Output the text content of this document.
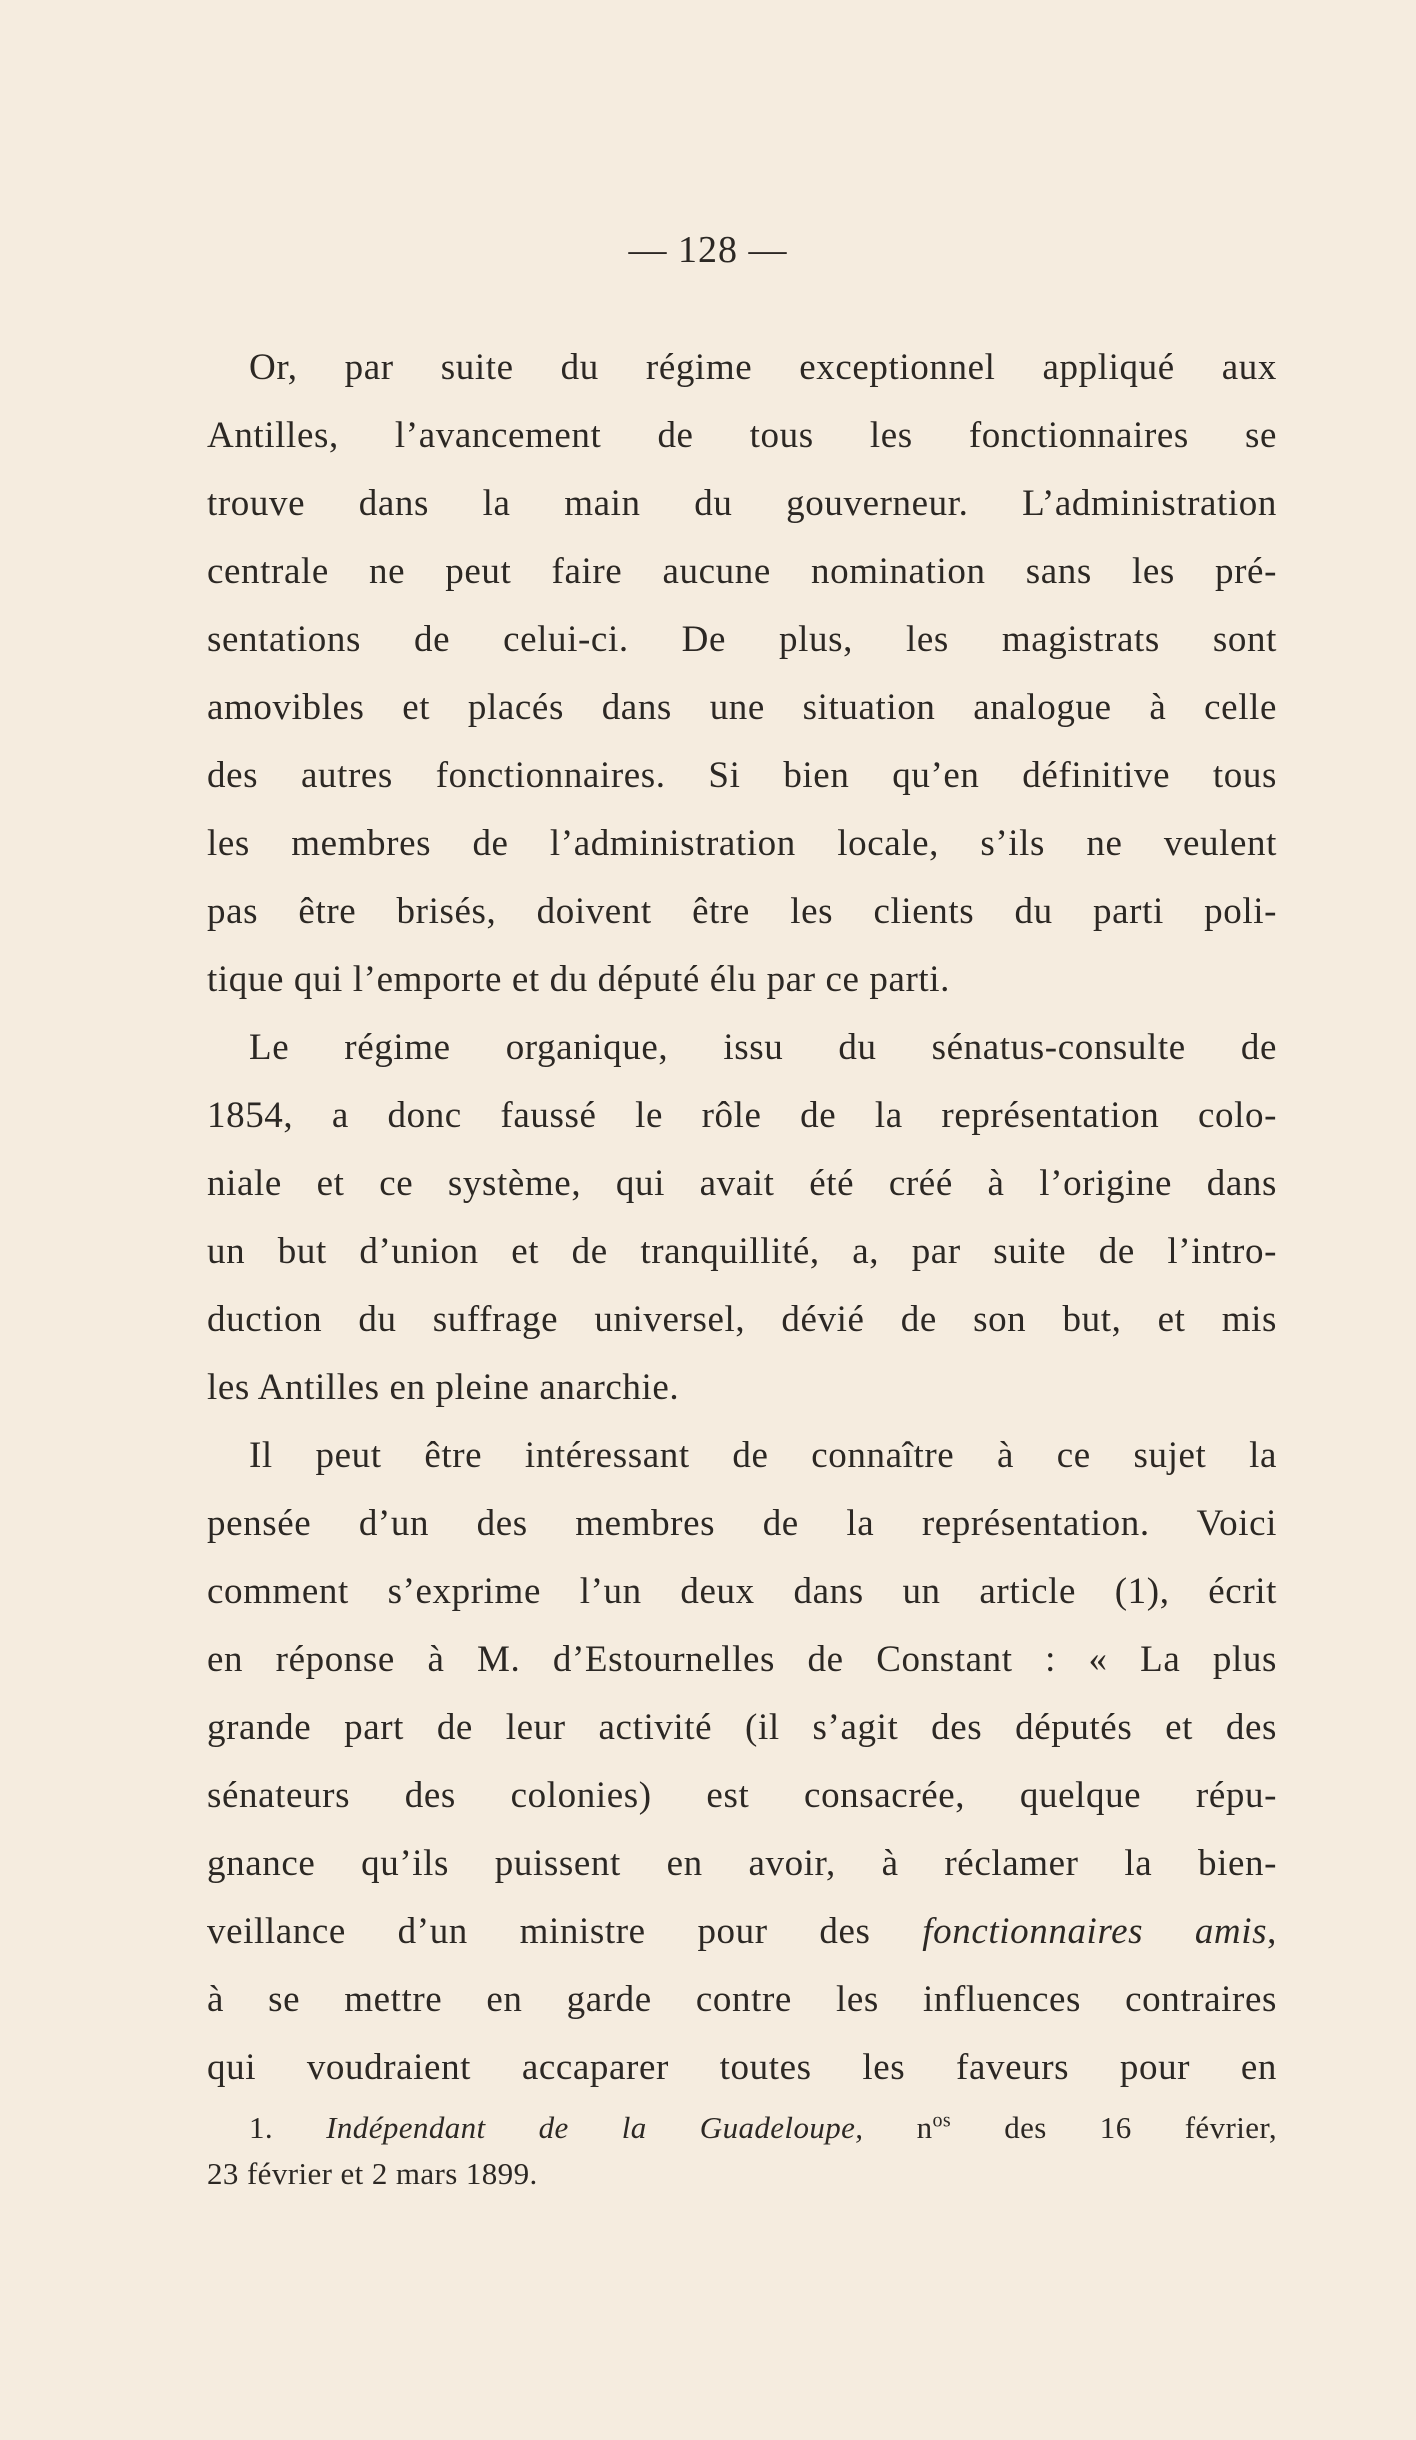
— 128 —
Or, par suite du régime exceptionnel appliqué aux
Antilles, l’avancement de tous les fonctionnaires se
trouve dans la main du gouverneur. L’administration
centrale ne peut faire aucune nomination sans les pré-
sentations de celui-ci. De plus, les magistrats sont
amovibles et placés dans une situation analogue à celle
des autres fonctionnaires. Si bien qu’en définitive tous
les membres de l’administration locale, s’ils ne veulent
pas être brisés, doivent être les clients du parti poli-
tique qui l’emporte et du député élu par ce parti.
Le régime organique, issu du sénatus-consulte de
1854, a donc faussé le rôle de la représentation colo-
niale et ce système, qui avait été créé à l’origine dans
un but d’union et de tranquillité, a, par suite de l’intro-
duction du suffrage universel, dévié de son but, et mis
les Antilles en pleine anarchie.
Il peut être intéressant de connaître à ce sujet la
pensée d’un des membres de la représentation. Voici
comment s’exprime l’un deux dans un article (1), écrit
en réponse à M. d’Estournelles de Constant : « La plus
grande part de leur activité (il s’agit des députés et des
sénateurs des colonies) est consacrée, quelque répu-
gnance qu’ils puissent en avoir, à réclamer la bien-
veillance d’un ministre pour des fonctionnaires amis,
à se mettre en garde contre les influences contraires
qui voudraient accaparer toutes les faveurs pour en
1. Indépendant de la Guadeloupe, $n^{os}$ des 16 février,
23 février et 2 mars 1899.
